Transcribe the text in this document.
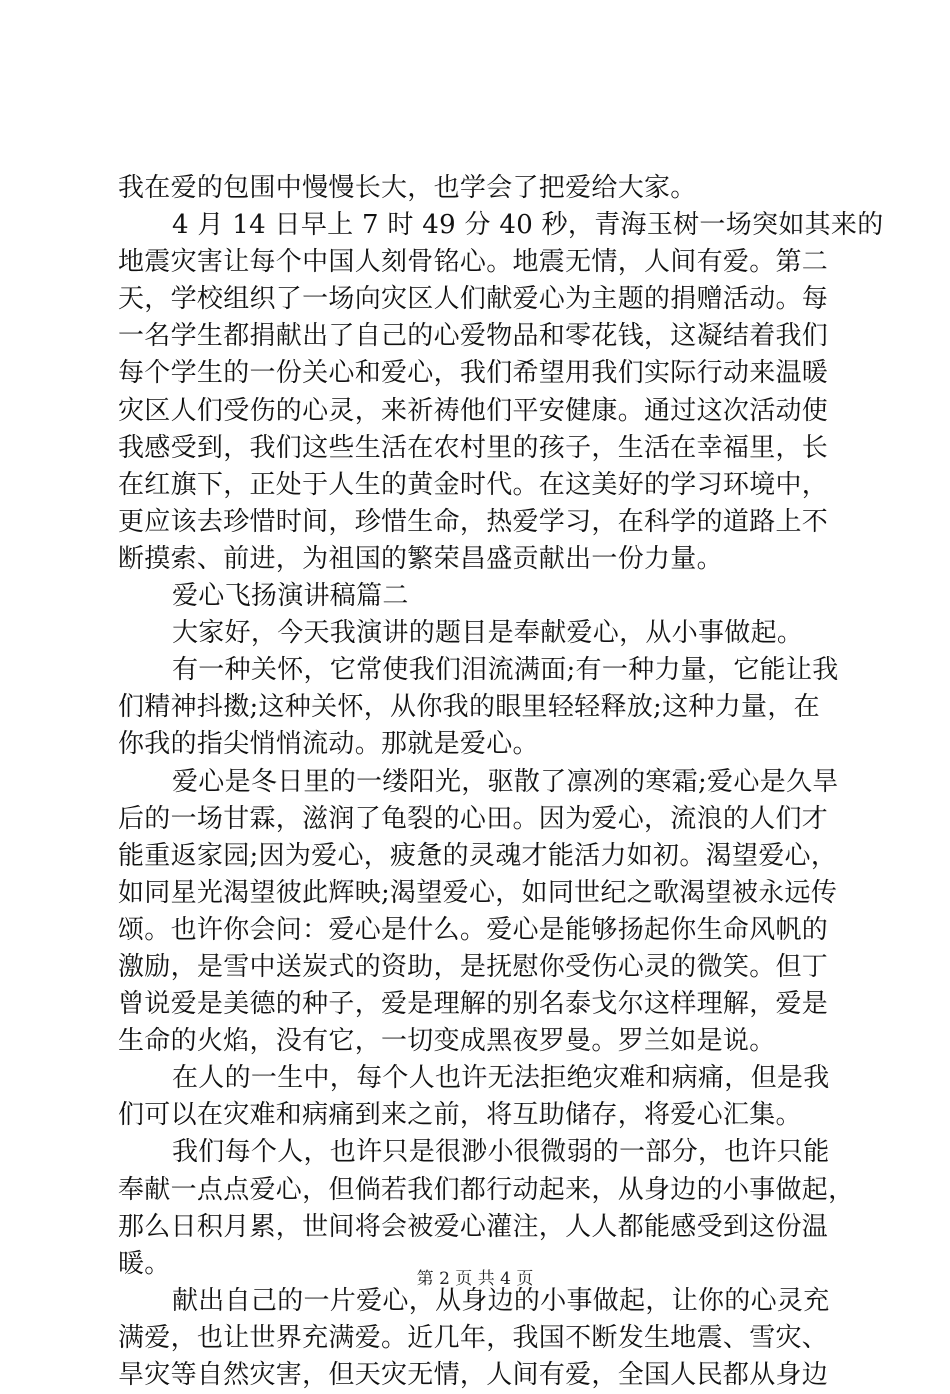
我在爱的包围中慢慢长大，也学会了把爱给大家。
4 月 14 日早上 7 时 49 分 40 秒，青海玉树一场突如其来的
地震灾害让每个中国人刻骨铭心。地震无情，人间有爱。第二
天，学校组织了一场向灾区人们献爱心为主题的捐赠活动。每
一名学生都捐献出了自己的心爱物品和零花钱，这凝结着我们
每个学生的一份关心和爱心，我们希望用我们实际行动来温暖
灾区人们受伤的心灵，来祈祷他们平安健康。通过这次活动使
我感受到，我们这些生活在农村里的孩子，生活在幸福里，长
在红旗下，正处于人生的黄金时代。在这美好的学习环境中，
更应该去珍惜时间，珍惜生命，热爱学习，在科学的道路上不
断摸索、前进，为祖国的繁荣昌盛贡献出一份力量。
爱心飞扬演讲稿篇二
大家好，今天我演讲的题目是奉献爱心，从小事做起。
有一种关怀，它常使我们泪流满面;有一种力量，它能让我
们精神抖擞;这种关怀，从你我的眼里轻轻释放;这种力量，在
你我的指尖悄悄流动。那就是爱心。
爱心是冬日里的一缕阳光，驱散了凛冽的寒霜;爱心是久旱
后的一场甘霖，滋润了龟裂的心田。因为爱心，流浪的人们才
能重返家园;因为爱心，疲惫的灵魂才能活力如初。渴望爱心，
如同星光渴望彼此辉映;渴望爱心，如同世纪之歌渴望被永远传
颂。也许你会问：爱心是什么。爱心是能够扬起你生命风帆的
激励，是雪中送炭式的资助，是抚慰你受伤心灵的微笑。但丁
曾说爱是美德的种子，爱是理解的别名泰戈尔这样理解，爱是
生命的火焰，没有它，一切变成黑夜罗曼。罗兰如是说。
在人的一生中，每个人也许无法拒绝灾难和病痛，但是我
们可以在灾难和病痛到来之前，将互助储存，将爱心汇集。
我们每个人，也许只是很渺小很微弱的一部分，也许只能
奉献一点点爱心，但倘若我们都行动起来，从身边的小事做起，
那么日积月累，世间将会被爱心灌注，人人都能感受到这份温
暖。
献出自己的一片爱心，从身边的小事做起，让你的心灵充
满爱，也让世界充满爱。近几年，我国不断发生地震、雪灾、
旱灾等自然灾害，但天灾无情，人间有爱，全国人民都从身边
第 2 页 共 4 页
